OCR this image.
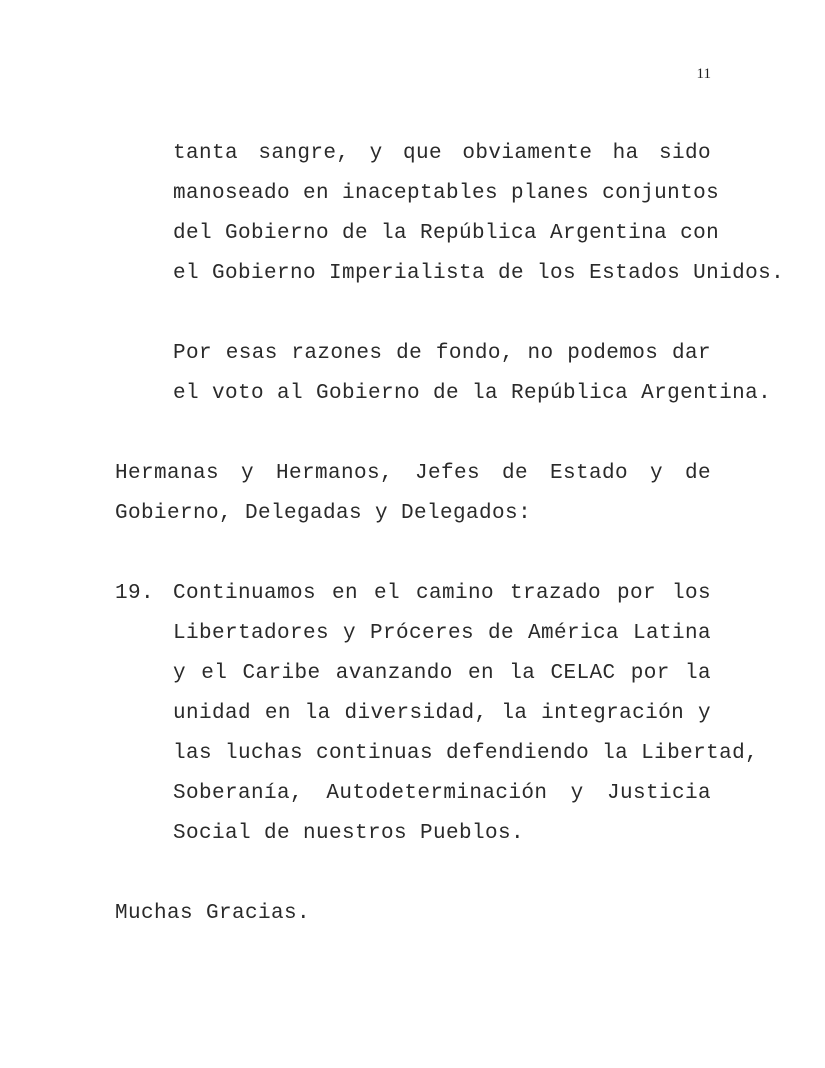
11
tanta sangre, y que obviamente ha sido
manoseado en inaceptables planes conjuntos
del Gobierno de la República Argentina con
el Gobierno Imperialista de los Estados Unidos.
Por esas razones de fondo, no podemos dar
el voto al Gobierno de la República Argentina.
Hermanas y Hermanos, Jefes de Estado y de
Gobierno, Delegadas y Delegados:
19. Continuamos en el camino trazado por los
Libertadores y Próceres de América Latina
y el Caribe avanzando en la CELAC por la
unidad en la diversidad, la integración y
las luchas continuas defendiendo la Libertad,
Soberanía, Autodeterminación y Justicia
Social de nuestros Pueblos.
Muchas Gracias.
